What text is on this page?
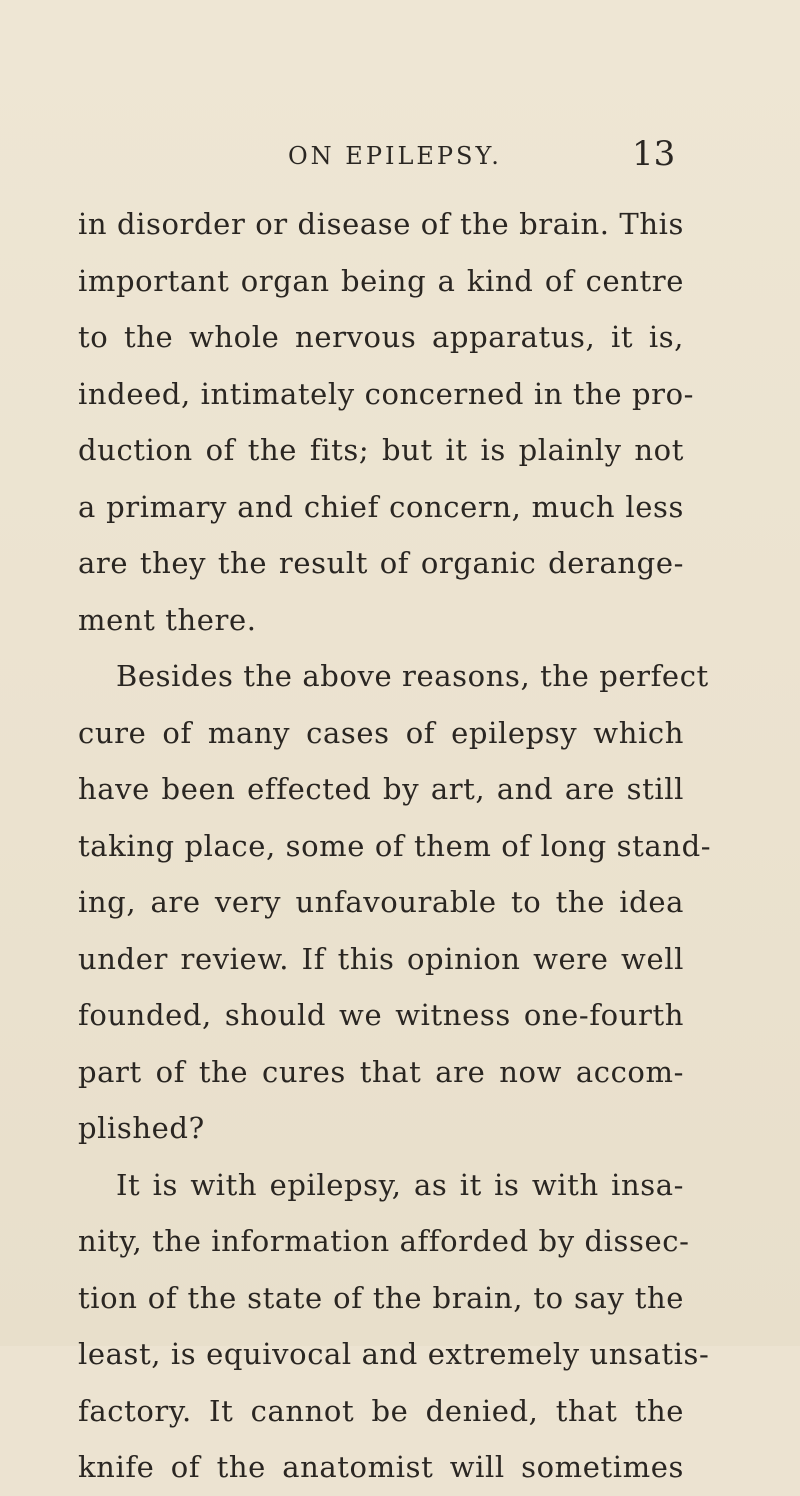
ON EPILEPSY.	13
in disorder or disease of the brain. This
important organ being a kind of centre
to the whole nervous apparatus, it is,
indeed, intimately concerned in the pro-
duction of the fits; but it is plainly not
a primary and chief concern, much less
are they the result of organic derange-
ment there.
Besides the above reasons, the perfect
cure of many cases of epilepsy which
have been effected by art, and are still
taking place, some of them of long stand-
ing, are very unfavourable to the idea
under review. If this opinion were well
founded, should we witness one-fourth
part of the cures that are now accom-
plished?
It is with epilepsy, as it is with insa-
nity, the information afforded by dissec-
tion of the state of the brain, to say the
least, is equivocal and extremely unsatis-
factory. It cannot be denied, that the
knife of the anatomist will sometimes
